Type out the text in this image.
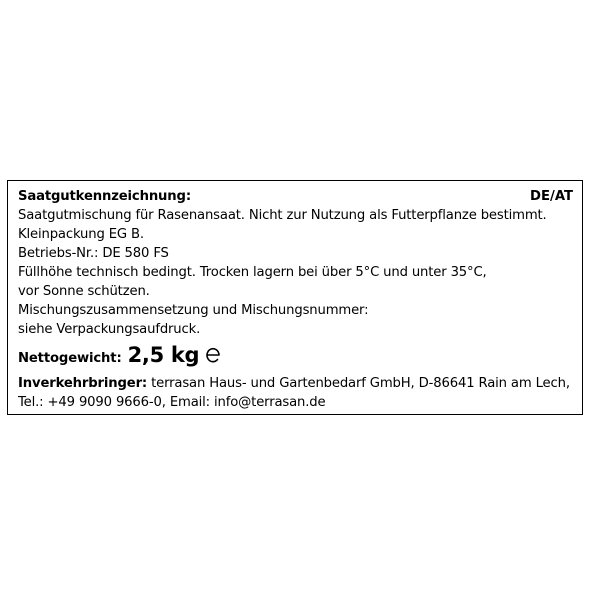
Saatgutkennzeichnung:	DE/AT
Saatgutmischung für Rasenansaat. Nicht zur Nutzung als Futterpflanze bestimmt.
Kleinpackung EG B.
Betriebs-Nr.: DE 580 FS
Füllhöhe technisch bedingt. Trocken lagern bei über 5°C und unter 35°C,
vor Sonne schützen.
Mischungszusammensetzung und Mischungsnummer:
siehe Verpackungsaufdruck.
Nettogewicht: 2,5 kg
Inverkehrbringer: terrasan Haus- und Gartenbedarf GmbH, D-86641 Rain am Lech,
Tel.: +49 9090 9666-0, Email: info@terrasan.de
